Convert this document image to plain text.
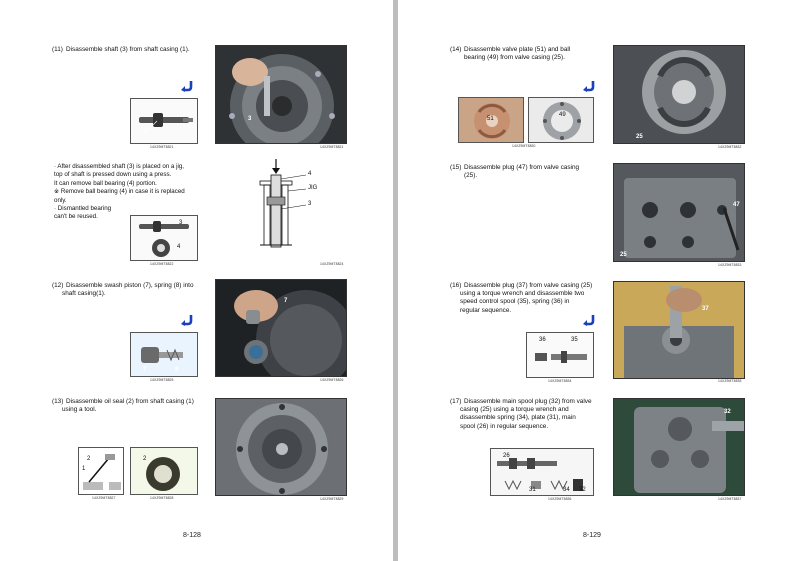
(11) Disassemble shaft (3) from shaft casing (1).
3
14XZ9MT8821
3
14XZ9MT8821
· After disassembled shaft (3) is placed on a jig,
top of shaft is pressed down using a press.
It can remove ball bearing (4) portion.
※ Remove ball bearing (4) in case it is replaced
only.
· Dismantled bearing
can't be reused.
3
4
14XZ9MT8822
4
JIG
3
14XZ9MT8824
(12) Disassemble swash piston (7), spring (8) into
shaft casing(1).
7	8
14XZ9MT8825
7
14XZ9MT8826
(13) Disassemble oil seal (2) from shaft casing (1)
using a tool.
2
1
14XZ9MT8827
2
14XZ9MT8828	14XZ9MT8829
8-128
(14) Disassemble valve plate (51) and ball
bearing (49) from valve casing (25).
51
49
14XZ9MT8830
25
14XZ9MT8832
(15) Disassemble plug (47) from valve casing
(25).
47
25
14XZ9MT8833
(16) Disassemble plug (37) from valve casing (25)
using a torque wrench and disassemble two
speed control spool (35), spring (36) in
regular sequence.
36	35
14XZ9MT8834
37
14XZ9MT8835
(17) Disassemble main spool plug (32) from valve
casing (25) using a torque wrench and
disassemble spring (34), plate (31), main
spool (26) in regular sequence.
26
31	34 32
14XZ9MT8836
32
14XZ9MT8837
8-129
